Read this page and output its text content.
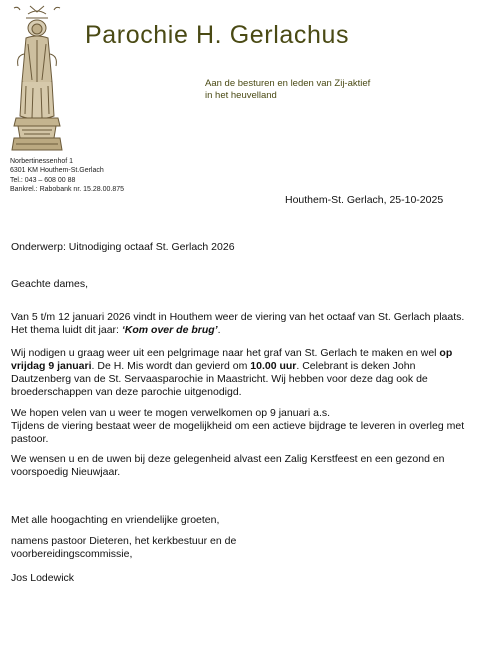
Parochie H. Gerlachus
Aan de besturen en leden van Zij-aktief
in het heuvelland
Norbertinessenhof 1
6301 KM Houthem-St.Gerlach
Tel.: 043 – 608 00 88
Bankrel.: Rabobank nr. 15.28.00.875
Houthem-St. Gerlach, 25-10-2025
Onderwerp: Uitnodiging octaaf St. Gerlach 2026
Geachte dames,

Van 5 t/m 12 januari 2026 vindt in Houthem weer de viering van het octaaf van St. Gerlach plaats. Het thema luidt dit jaar: ‘Kom over de brug’.

Wij nodigen u graag weer uit een pelgrimage naar het graf van St. Gerlach te maken en wel op vrijdag 9 januari. De H. Mis wordt dan gevierd om 10.00 uur. Celebrant is deken John Dautzenberg van de St. Servaasparochie in Maastricht. Wij hebben voor deze dag ook de broederschappen van deze parochie uitgenodigd.

We hopen velen van u weer te mogen verwelkomen op 9 januari a.s.
Tijdens de viering bestaat weer de mogelijkheid om een actieve bijdrage te leveren in overleg met pastoor.

We wensen u en de uwen bij deze gelegenheid alvast een Zalig Kerstfeest en een gezond en voorspoedig Nieuwjaar.

Met alle hoogachting en vriendelijke groeten,
namens pastoor Dieteren, het kerkbestuur en de voorbereidingscommissie,
Jos Lodewick
